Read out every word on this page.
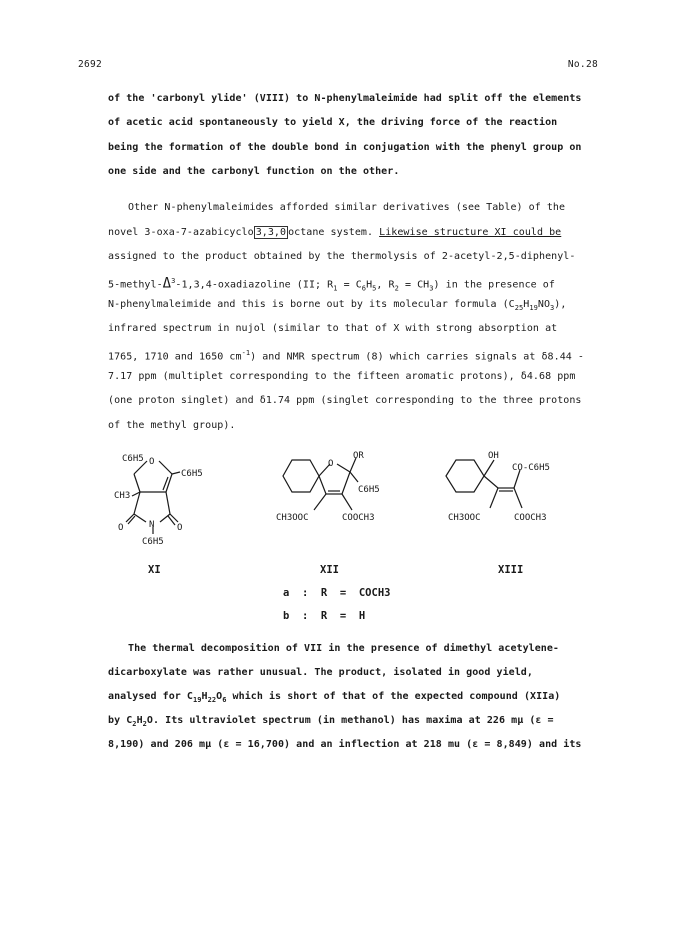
2692	No.28
of the 'carbonyl ylide' (VIII) to N-phenylmaleimide had split off the elements
of acetic acid spontaneously to yield X, the driving force of the reaction
being the formation of the double bond in conjugation with the phenyl group on
one side and the carbonyl function on the other.
Other N-phenylmaleimides afforded similar derivatives (see Table) of the
novel 3-oxa-7-azabicyclo 3,3,0 octane system. Likewise structure XI could be
assigned to the product obtained by the thermolysis of 2-acetyl-2,5-diphenyl-
$5-methyl-\Delta^3-1,3,4$-oxadiazoline (II; $R_1 = C_6H_5$, $R_2 = CH_3$) in the presence of
N-phenylmaleimide and this is borne out by its molecular formula $(C_{25}H_{19}NO_3)$,
infrared spectrum in nujol (similar to that of X with strong absorption at
1765, 1710 and 1650 $cm^{-1}$) and NMR spectrum (8) which carries signals at δ8.44 -
7.17 ppm (multiplet corresponding to the fifteen aromatic protons), δ4.68 ppm
(one proton singlet) and δ1.74 ppm (singlet corresponding to the three protons
of the methyl group).
C6H5 O
C6H5
CH3
O	N	O
C6H5
XI
O
OR
C6H5
CH3OOC	COOCH3
XII
a  :  R  =  COCH3
b  :  R  =  H
OH
CO-C6H5
CH3OOC	COOCH3
XIII
The thermal decomposition of VII in the presence of dimethyl acetylene-
dicarboxylate was rather unusual. The product, isolated in good yield,
analysed for $C_{19}H_{22}O_6$ which is short of that of the expected compound (XIIa)
by $C_2H_2O$. Its ultraviolet spectrum (in methanol) has maxima at 226 mμ (ε =
8,190) and 206 mμ (ε = 16,700) and an inflection at 218 mu (ε = 8,849) and its
